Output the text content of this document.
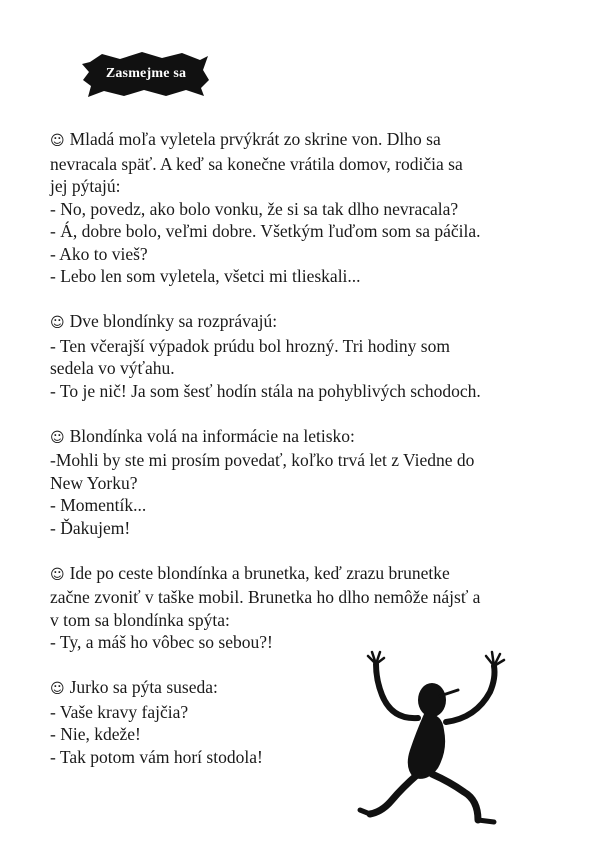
Zasmejme sa
☺ Mladá moľa vyletela prvýkrát zo skrine von. Dlho sa
nevracala späť. A keď sa konečne vrátila domov, rodičia sa
jej pýtajú:
- No, povedz, ako bolo vonku, že si sa tak dlho nevracala?
- Á, dobre bolo, veľmi dobre. Všetkým ľuďom som sa páčila.
- Ako to vieš?
- Lebo len som vyletela, všetci mi tlieskali...
☺ Dve blondínky sa rozprávajú:
- Ten včerajší výpadok prúdu bol hrozný. Tri hodiny som
sedela vo výťahu.
- To je nič! Ja som šesť hodín stála na pohyblivých schodoch.
☺ Blondínka volá na informácie na letisko:
-Mohli by ste mi prosím povedať, koľko trvá let z Viedne do
New Yorku?
- Momentík...
- Ďakujem!
☺ Ide po ceste blondínka a brunetka, keď zrazu brunetke
začne zvoniť v taške mobil. Brunetka ho dlho nemôže nájsť a
v tom sa blondínka spýta:
- Ty, a máš ho vôbec so sebou?!
☺ Jurko sa pýta suseda:
- Vaše kravy fajčia?
- Nie, kdeže!
- Tak potom vám horí stodola!
